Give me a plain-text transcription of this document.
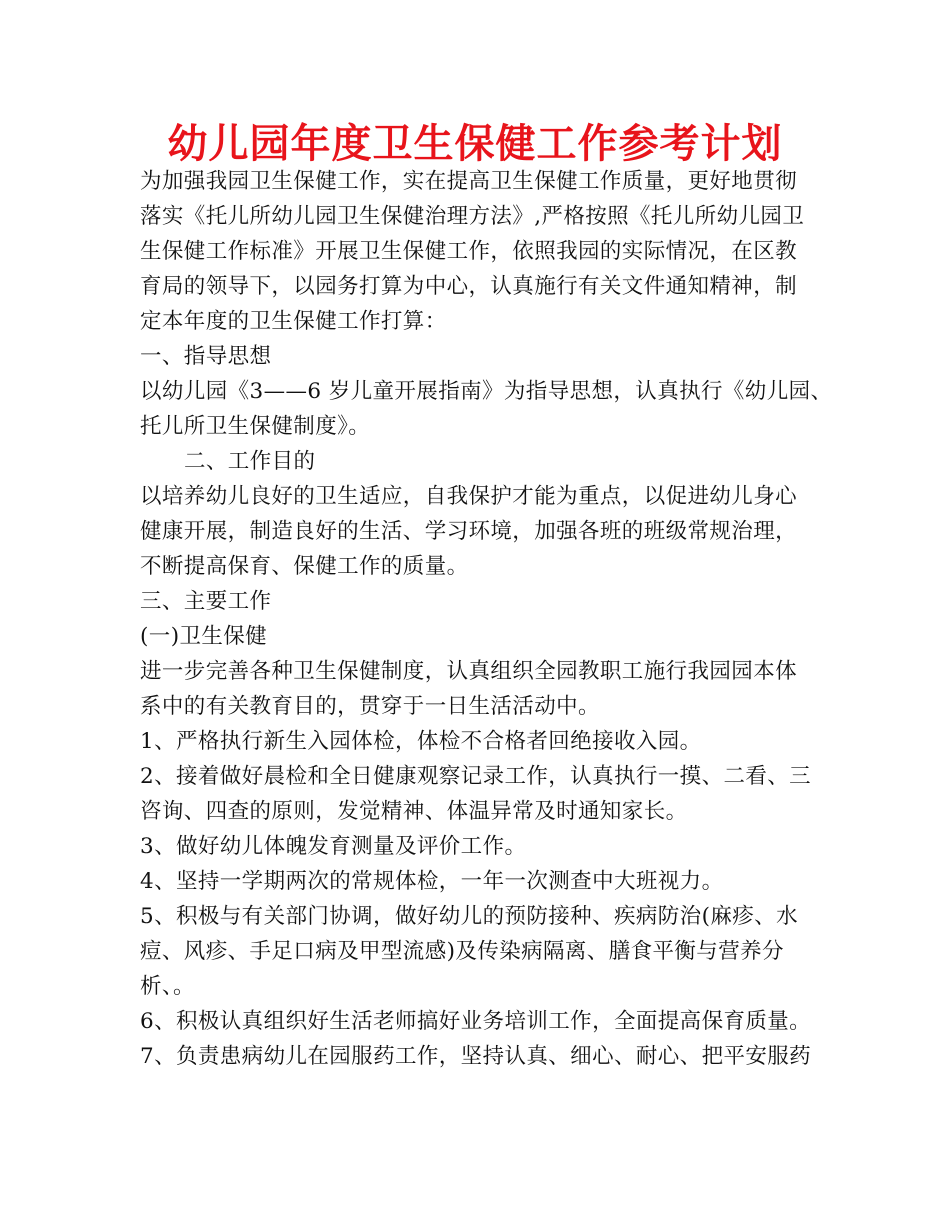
幼儿园年度卫生保健工作参考计划
为加强我园卫生保健工作，实在提高卫生保健工作质量，更好地贯彻
落实《托儿所幼儿园卫生保健治理方法》,严格按照《托儿所幼儿园卫
生保健工作标准》开展卫生保健工作，依照我园的实际情况，在区教
育局的领导下，以园务打算为中心，认真施行有关文件通知精神，制
定本年度的卫生保健工作打算：
一、指导思想
以幼儿园《3——6 岁儿童开展指南》为指导思想，认真执行《幼儿园、
托儿所卫生保健制度》。
二、工作目的
以培养幼儿良好的卫生适应，自我保护才能为重点，以促进幼儿身心
健康开展，制造良好的生活、学习环境，加强各班的班级常规治理，
不断提高保育、保健工作的质量。
三、主要工作
(一)卫生保健
进一步完善各种卫生保健制度，认真组织全园教职工施行我园园本体
系中的有关教育目的，贯穿于一日生活活动中。
1、严格执行新生入园体检，体检不合格者回绝接收入园。
2、接着做好晨检和全日健康观察记录工作，认真执行一摸、二看、三
咨询、四查的原则，发觉精神、体温异常及时通知家长。
3、做好幼儿体魄发育测量及评价工作。
4、坚持一学期两次的常规体检，一年一次测查中大班视力。
5、积极与有关部门协调，做好幼儿的预防接种、疾病防治(麻疹、水
痘、风疹、手足口病及甲型流感)及传染病隔离、膳食平衡与营养分
析、。
6、积极认真组织好生活老师搞好业务培训工作，全面提高保育质量。
7、负责患病幼儿在园服药工作，坚持认真、细心、耐心、把平安服药
